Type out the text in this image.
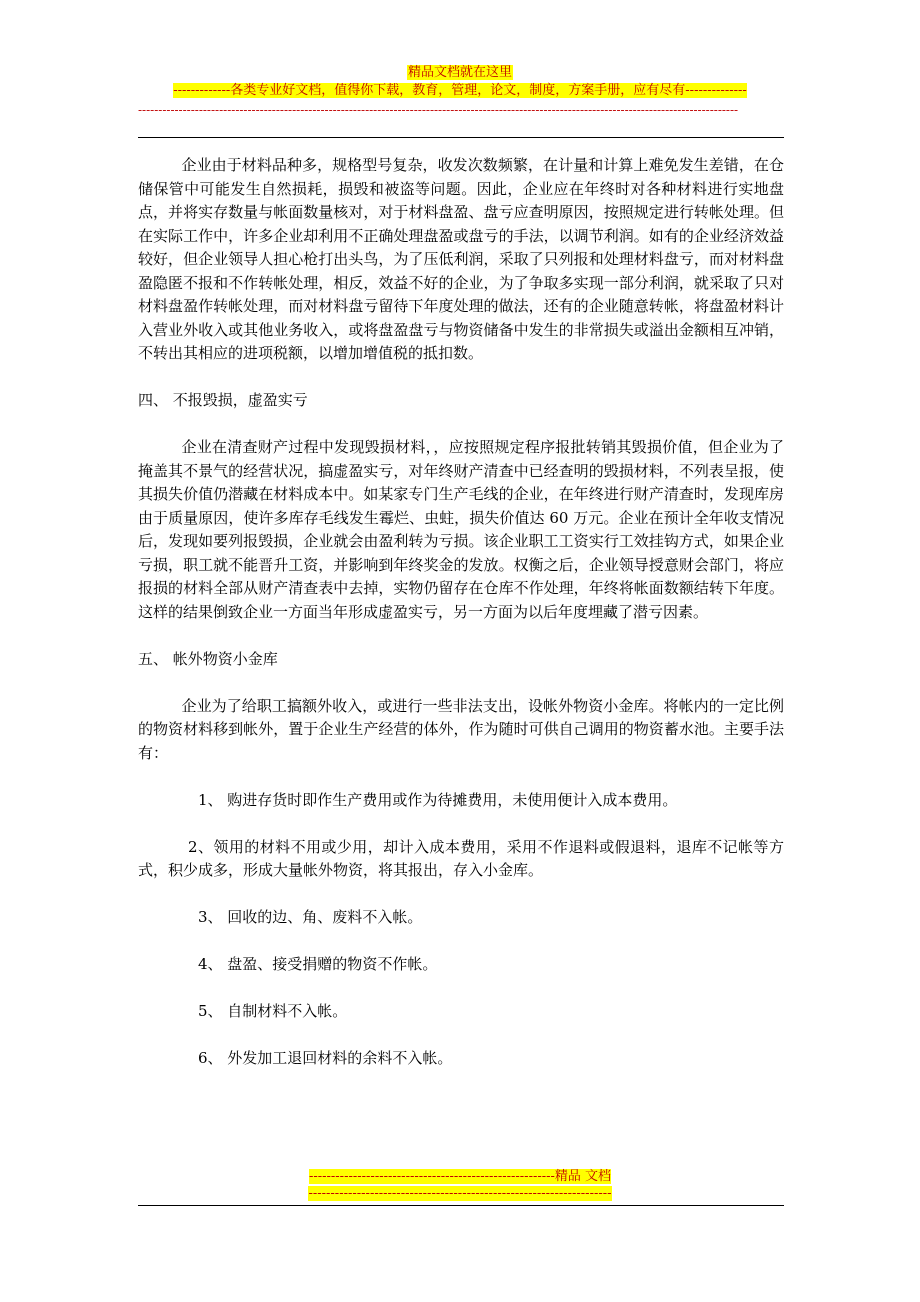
精品文档就在这里
-------------各类专业好文档，值得你下载，教育，管理，论文，制度，方案手册，应有尽有--------------
----------------------------------------------------------------------------------------------------------------------------------------------------

企业由于材料品种多，规格型号复杂，收发次数频繁，在计量和计算上难免发生差错，在仓储保管中可能发生自然损耗，损毁和被盗等问题。因此，企业应在年终时对各种材料进行实地盘点，并将实存数量与帐面数量核对，对于材料盘盈、盘亏应查明原因，按照规定进行转帐处理。但在实际工作中，许多企业却利用不正确处理盘盈或盘亏的手法，以调节利润。如有的企业经济效益较好，但企业领导人担心枪打出头鸟，为了压低利润，采取了只列报和处理材料盘亏，而对材料盘盈隐匿不报和不作转帐处理，相反，效益不好的企业，为了争取多实现一部分利润，就采取了只对材料盘盈作转帐处理，而对材料盘亏留待下年度处理的做法，还有的企业随意转帐，将盘盈材料计入营业外收入或其他业务收入，或将盘盈盘亏与物资储备中发生的非常损失或溢出金额相互冲销，不转出其相应的进项税额，以增加增值税的抵扣数。

四、 不报毁损，虚盈实亏

企业在清查财产过程中发现毁损材料，，应按照规定程序报批转销其毁损价值，但企业为了掩盖其不景气的经营状况，搞虚盈实亏，对年终财产清查中已经查明的毁损材料，不列表呈报，使其损失价值仍潜藏在材料成本中。如某家专门生产毛线的企业，在年终进行财产清查时，发现库房由于质量原因，使许多库存毛线发生霉烂、虫蛀，损失价值达 60 万元。企业在预计全年收支情况后，发现如要列报毁损，企业就会由盈利转为亏损。该企业职工工资实行工效挂钩方式，如果企业亏损，职工就不能晋升工资，并影响到年终奖金的发放。权衡之后，企业领导授意财会部门，将应报损的材料全部从财产清查表中去掉，实物仍留存在仓库不作处理，年终将帐面数额结转下年度。这样的结果倒致企业一方面当年形成虚盈实亏，另一方面为以后年度埋藏了潜亏因素。

五、 帐外物资小金库

企业为了给职工搞额外收入，或进行一些非法支出，设帐外物资小金库。将帐内的一定比例的物资材料移到帐外，置于企业生产经营的体外，作为随时可供自己调用的物资蓄水池。主要手法有：

1、 购进存货时即作生产费用或作为待摊费用，未使用便计入成本费用。

2、领用的材料不用或少用，却计入成本费用，采用不作退料或假退料，退库不记帐等方式，积少成多，形成大量帐外物资，将其报出，存入小金库。

3、 回收的边、角、废料不入帐。

4、 盘盈、接受捐赠的物资不作帐。

5、 自制材料不入帐。

6、 外发加工退回材料的余料不入帐。

--------------------------------------------------------精品 文档
---------------------------------------------------------------------
